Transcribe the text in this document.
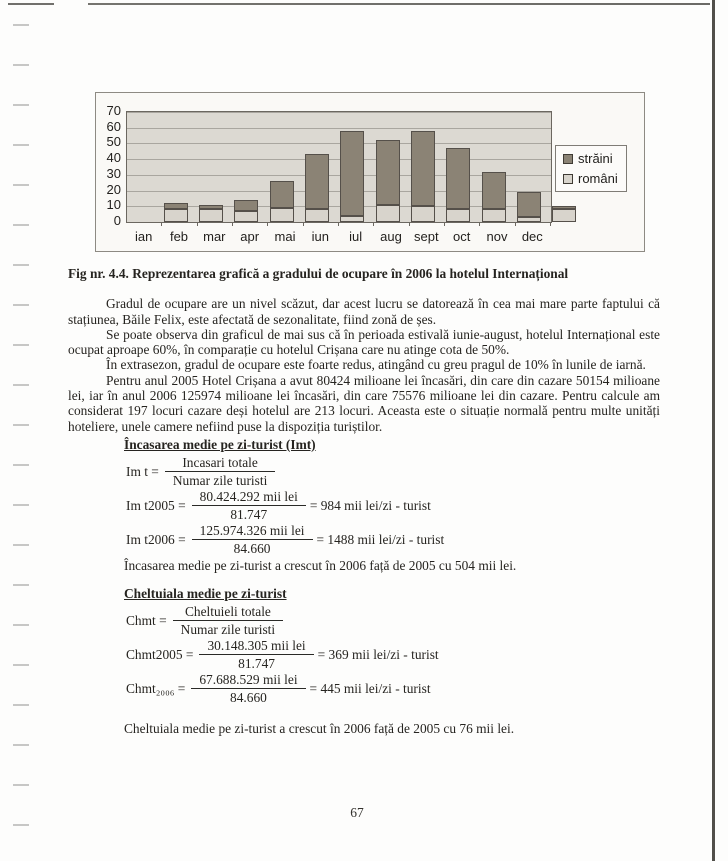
străini
români
0
10
20
30
40
50
60
70
ian	feb	mar	apr	mai	iun	iul	aug sept	oct	nov	dec

Fig nr. 4.4. Reprezentarea grafică a gradului de ocupare în 2006 la hotelul Internațional

Gradul de ocupare are un nivel scăzut, dar acest lucru se datorează în cea mai mare parte faptului că stațiunea, Băile Felix, este afectată de sezonalitate, fiind zonă de șes.

Se poate observa din graficul de mai sus că în perioada estivală iunie-august, hotelul Internațional este ocupat aproape 60%, în comparație cu hotelul Crișana care nu atinge cota de 50%.

În extrasezon, gradul de ocupare este foarte redus, atingând cu greu pragul de 10% în lunile de iarnă.

Pentru anul 2005 Hotel Crișana a avut 80424 milioane lei încasări, din care din cazare 50154 milioane lei, iar în anul 2006 125974 milioane lei încasări, din care 75576 milioane lei din cazare. Pentru calcule am considerat 197 locuri cazare deși hotelul are 213 locuri. Aceasta este o situație normală pentru multe unități hoteliere, unele camere nefiind puse la dispoziția turiștilor.

Încasarea medie pe zi-turist (Imt)

Im $t = \frac{\text{Incasari totale}}{\text{Numar zile turisti}}$
Im $t2005 = \frac{\text{80.424.292 mii lei}}{81.747} = 984$ mii lei/zi - turist
Im $t2006 = \frac{\text{125.974.326 mii lei}}{84.660} = 1488$ mii lei/zi - turist

Încasarea medie pe zi-turist a crescut în 2006 față de 2005 cu 504 mii lei.

Cheltuiala medie pe zi-turist

Chmt = $\frac{\text{Cheltuieli totale}}{\text{Numar zile turisti}}$
Chmt2005 = $\frac{\text{30.148.305 mii lei}}{81.747} = 369$ mii lei/zi - turist
Chmt₂₀₀₆ = $\frac{\text{67.688.529 mii lei}}{84.660} = 445$ mii lei/zi - turist

Cheltuiala medie pe zi-turist a crescut în 2006 față de 2005 cu 76 mii lei.

67
